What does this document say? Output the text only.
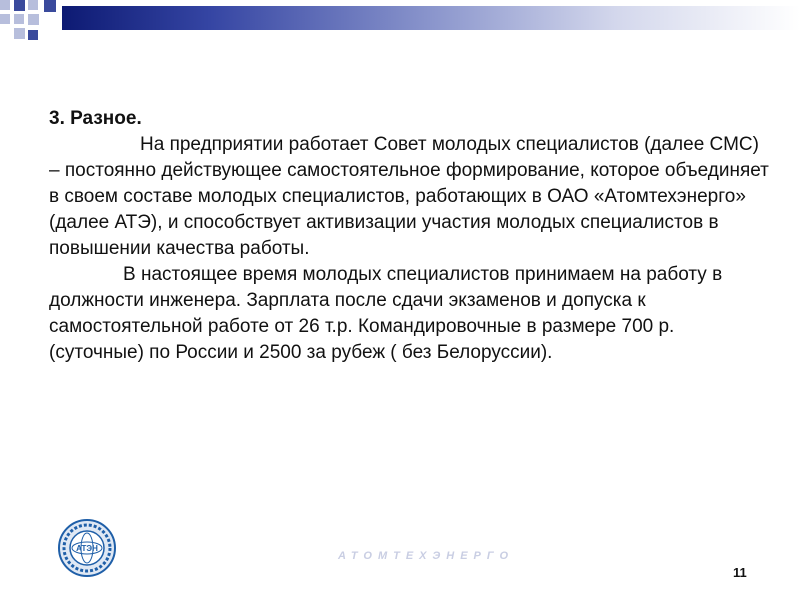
3. Разное.

На предприятии работает Совет молодых специалистов (далее СМС) – постоянно действующее самостоятельное формирование, которое объединяет в своем составе молодых специалистов, работающих в ОАО «Атомтехэнерго» (далее АТЭ), и способствует активизации участия молодых специалистов в повышении качества работы.

В настоящее время молодых специалистов принимаем на работу в должности инженера. Зарплата после сдачи экзаменов и допуска к самостоятельной работе от 26 т.р. Командировочные в размере 700 р. (суточные) по России и 2500 за рубеж ( без Белоруссии).

АТЭН
АТОМТЕХЭНЕРГО
11
